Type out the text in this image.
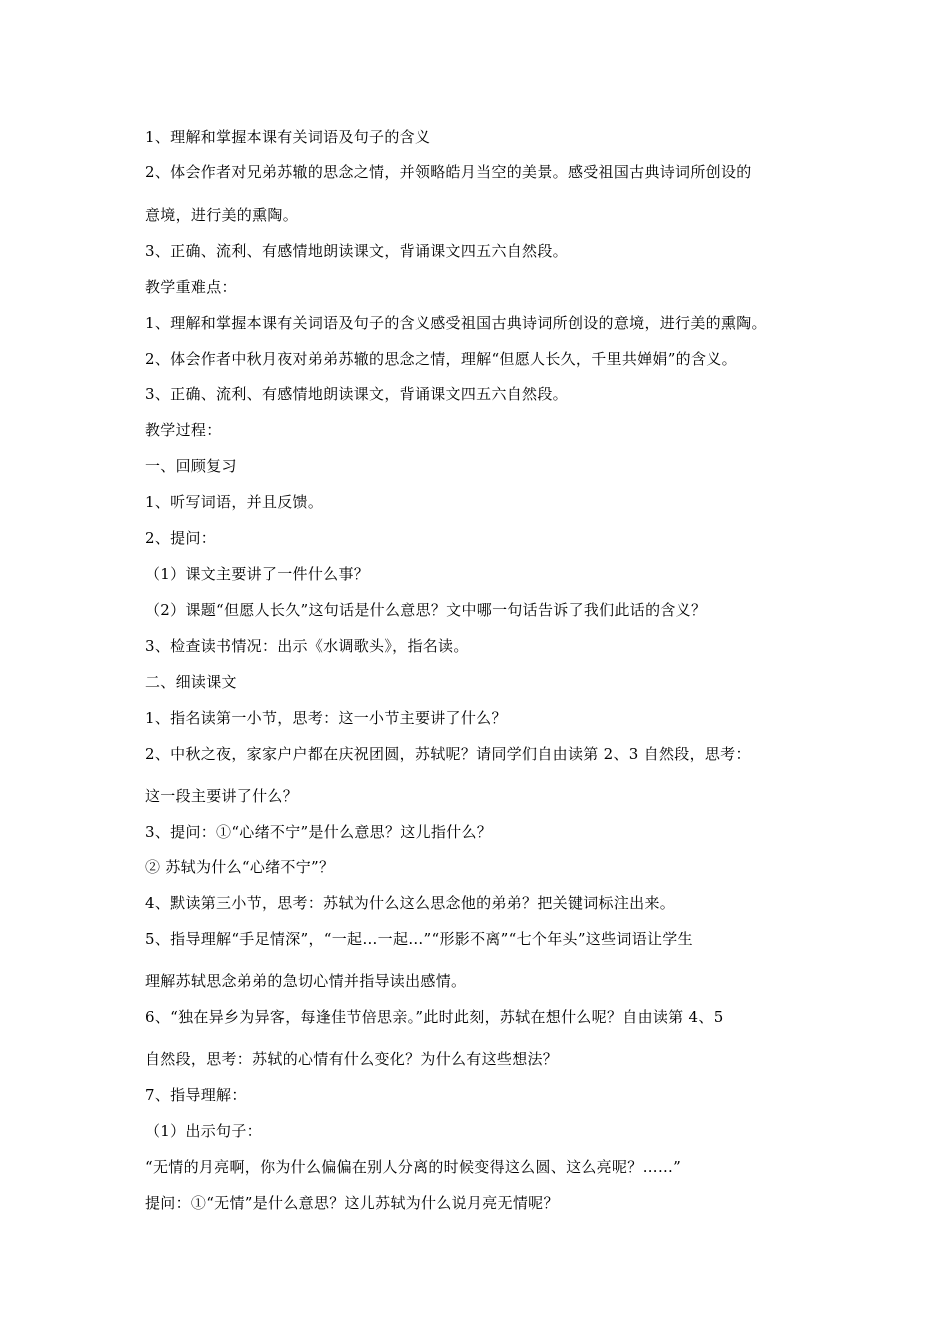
1、理解和掌握本课有关词语及句子的含义
2、体会作者对兄弟苏辙的思念之情，并领略皓月当空的美景。感受祖国古典诗词所创设的
意境，进行美的熏陶。
3、正确、流利、有感情地朗读课文，背诵课文四五六自然段。
教学重难点：
1、理解和掌握本课有关词语及句子的含义感受祖国古典诗词所创设的意境，进行美的熏陶。
2、体会作者中秋月夜对弟弟苏辙的思念之情，理解“但愿人长久，千里共婵娟”的含义。
3、正确、流利、有感情地朗读课文，背诵课文四五六自然段。
教学过程：
一、回顾复习
1、听写词语，并且反馈。
2、提问：
（1）课文主要讲了一件什么事？
（2）课题“但愿人长久”这句话是什么意思？文中哪一句话告诉了我们此话的含义？
3、检查读书情况：出示《水调歌头》，指名读。
二、细读课文
1、指名读第一小节，思考：这一小节主要讲了什么？
2、中秋之夜，家家户户都在庆祝团圆，苏轼呢？请同学们自由读第 2、3 自然段，思考：
这一段主要讲了什么？
3、提问：①“心绪不宁”是什么意思？这儿指什么？
② 苏轼为什么“心绪不宁”？
4、默读第三小节，思考：苏轼为什么这么思念他的弟弟？把关键词标注出来。
5、指导理解“手足情深”，“一起…一起…”“形影不离”“七个年头”这些词语让学生
理解苏轼思念弟弟的急切心情并指导读出感情。
6、“独在异乡为异客，每逢佳节倍思亲。”此时此刻，苏轼在想什么呢？自由读第 4、5
自然段，思考：苏轼的心情有什么变化？为什么有这些想法？
7、指导理解：
（1）出示句子：
“无情的月亮啊，你为什么偏偏在别人分离的时候变得这么圆、这么亮呢？……”
提问：①“无情”是什么意思？这儿苏轼为什么说月亮无情呢？
